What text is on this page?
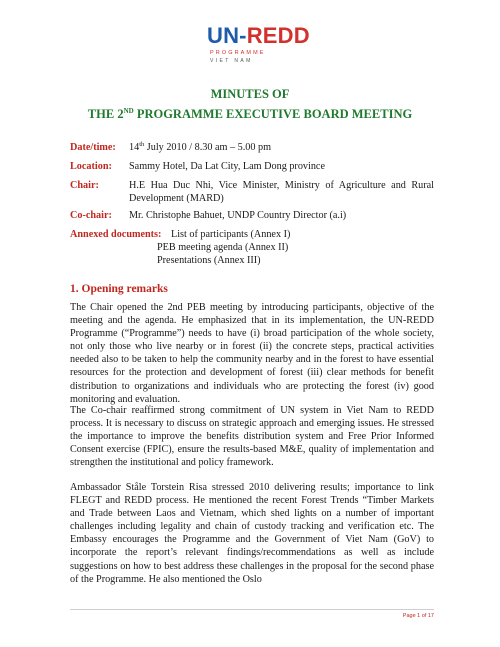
UN-REDD
PROGRAMME
VIET NAM
MINUTES OF
THE 2ND PROGRAMME EXECUTIVE BOARD MEETING
Date/time: 14th July 2010 / 8.30 am – 5.00 pm
Location: Sammy Hotel, Da Lat City, Lam Dong province
Chair:	H.E Hua Duc Nhi, Vice Minister, Ministry of Agriculture and Rural Development (MARD)
Co-chair: Mr. Christophe Bahuet, UNDP Country Director (a.i)
Annexed documents: List of participants (Annex I)
PEB meeting agenda (Annex II)
Presentations (Annex III)
1. Opening remarks
The Chair opened the 2nd PEB meeting by introducing participants, objective of the meeting and the agenda. He emphasized that in its implementation, the UN-REDD Programme (“Programme”) needs to have (i) broad participation of the whole society, not only those who live nearby or in forest (ii) the concrete steps, practical activities needed also to be taken to help the community nearby and in the forest to have essential resources for the protection and development of forest (iii) clear methods for benefit distribution to organizations and individuals who are protecting the forest (iv) good monitoring and evaluation.
The Co-chair reaffirmed strong commitment of UN system in Viet Nam to REDD process. It is necessary to discuss on strategic approach and emerging issues. He stressed the importance to improve the benefits distribution system and Free Prior Informed Consent exercise (FPIC), ensure the results-based M&E, quality of implementation and strengthen the institutional and policy framework.
Ambassador Ståle Torstein Risa stressed 2010 delivering results; importance to link FLEGT and REDD process. He mentioned the recent Forest Trends “Timber Markets and Trade between Laos and Vietnam, which shed lights on a number of important challenges including legality and chain of custody tracking and verification etc. The Embassy encourages the Programme and the Government of Viet Nam (GoV) to incorporate the report’s relevant findings/recommendations as well as include suggestions on how to best address these challenges in the proposal for the second phase of the Programme. He also mentioned the Oslo
Page 1 of 17
